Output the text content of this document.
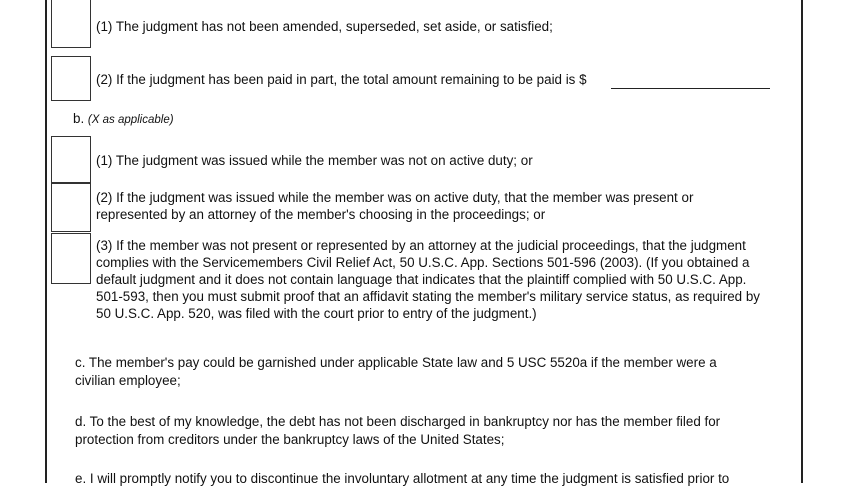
(1) The judgment has not been amended, superseded, set aside, or satisfied;
(2) If the judgment has been paid in part, the total amount remaining to be paid is $
b. (X as applicable)
(1) The judgment was issued while the member was not on active duty; or
(2) If the judgment was issued while the member was on active duty, that the member was present or
represented by an attorney of the member's choosing in the proceedings; or
(3) If the member was not present or represented by an attorney at the judicial proceedings, that the judgment
complies with the Servicemembers Civil Relief Act, 50 U.S.C. App. Sections 501-596 (2003). (If you obtained a
default judgment and it does not contain language that indicates that the plaintiff complied with 50 U.S.C. App.
501-593, then you must submit proof that an affidavit stating the member's military service status, as required by
50 U.S.C. App. 520, was filed with the court prior to entry of the judgment.)
c. The member's pay could be garnished under applicable State law and 5 USC 5520a if the member were a
civilian employee;
d. To the best of my knowledge, the debt has not been discharged in bankruptcy nor has the member filed for
protection from creditors under the bankruptcy laws of the United States;
e. I will promptly notify you to discontinue the involuntary allotment at any time the judgment is satisfied prior to
